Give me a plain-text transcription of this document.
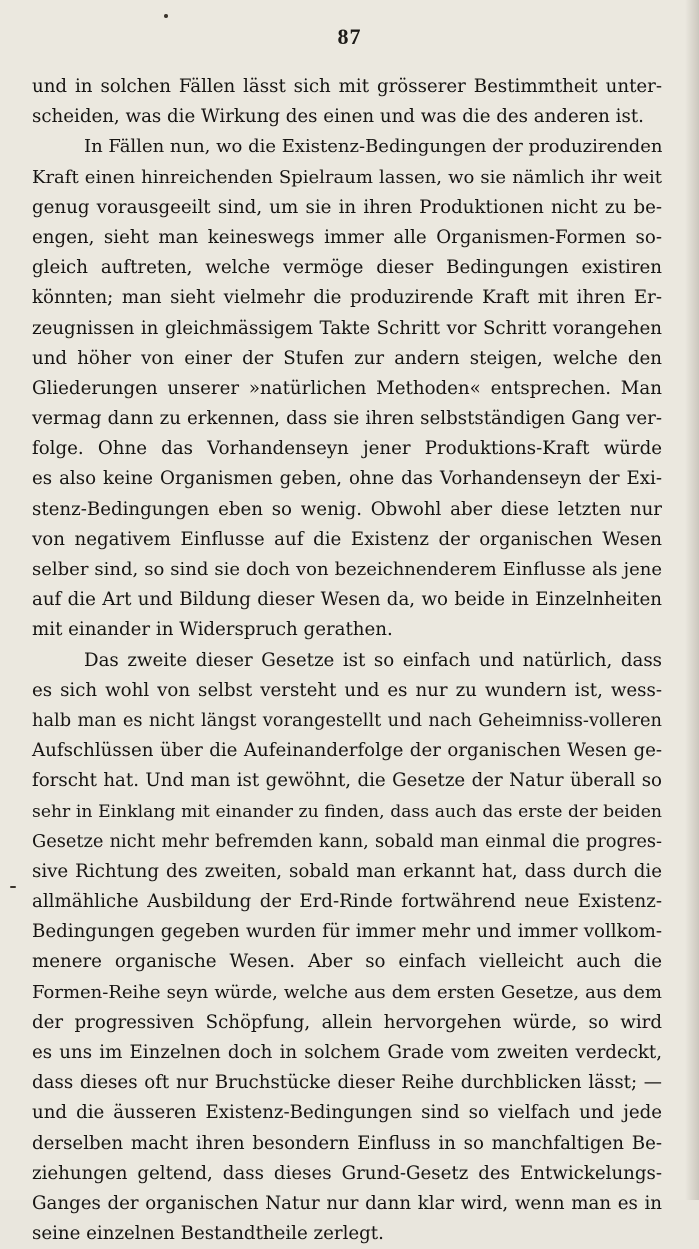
87
und in solchen Fällen lässt sich mit grösserer Bestimmtheit unter-
scheiden, was die Wirkung des einen und was die des anderen ist.
In Fällen nun, wo die Existenz-Bedingungen der produzirenden
Kraft einen hinreichenden Spielraum lassen, wo sie nämlich ihr weit
genug vorausgeeilt sind, um sie in ihren Produktionen nicht zu be-
engen, sieht man keineswegs immer alle Organismen-Formen so-
gleich auftreten, welche vermöge dieser Bedingungen existiren
könnten; man sieht vielmehr die produzirende Kraft mit ihren Er-
zeugnissen in gleichmässigem Takte Schritt vor Schritt vorangehen
und höher von einer der Stufen zur andern steigen, welche den
Gliederungen unserer »natürlichen Methoden« entsprechen. Man
vermag dann zu erkennen, dass sie ihren selbstständigen Gang ver-
folge. Ohne das Vorhandenseyn jener Produktions-Kraft würde
es also keine Organismen geben, ohne das Vorhandenseyn der Exi-
stenz-Bedingungen eben so wenig. Obwohl aber diese letzten nur
von negativem Einflusse auf die Existenz der organischen Wesen
selber sind, so sind sie doch von bezeichnenderem Einflusse als jene
auf die Art und Bildung dieser Wesen da, wo beide in Einzelnheiten
mit einander in Widerspruch gerathen.
Das zweite dieser Gesetze ist so einfach und natürlich, dass
es sich wohl von selbst versteht und es nur zu wundern ist, wess-
halb man es nicht längst vorangestellt und nach Geheimniss-volleren
Aufschlüssen über die Aufeinanderfolge der organischen Wesen ge-
forscht hat. Und man ist gewöhnt, die Gesetze der Natur überall so
sehr in Einklang mit einander zu finden, dass auch das erste der beiden
Gesetze nicht mehr befremden kann, sobald man einmal die progres-
sive Richtung des zweiten, sobald man erkannt hat, dass durch die
allmähliche Ausbildung der Erd-Rinde fortwährend neue Existenz-
Bedingungen gegeben wurden für immer mehr und immer vollkom-
menere organische Wesen. Aber so einfach vielleicht auch die
Formen-Reihe seyn würde, welche aus dem ersten Gesetze, aus dem
der progressiven Schöpfung, allein hervorgehen würde, so wird
es uns im Einzelnen doch in solchem Grade vom zweiten verdeckt,
dass dieses oft nur Bruchstücke dieser Reihe durchblicken lässt; —
und die äusseren Existenz-Bedingungen sind so vielfach und jede
derselben macht ihren besondern Einfluss in so manchfaltigen Be-
ziehungen geltend, dass dieses Grund-Gesetz des Entwickelungs-
Ganges der organischen Natur nur dann klar wird, wenn man es in
seine einzelnen Bestandtheile zerlegt.
